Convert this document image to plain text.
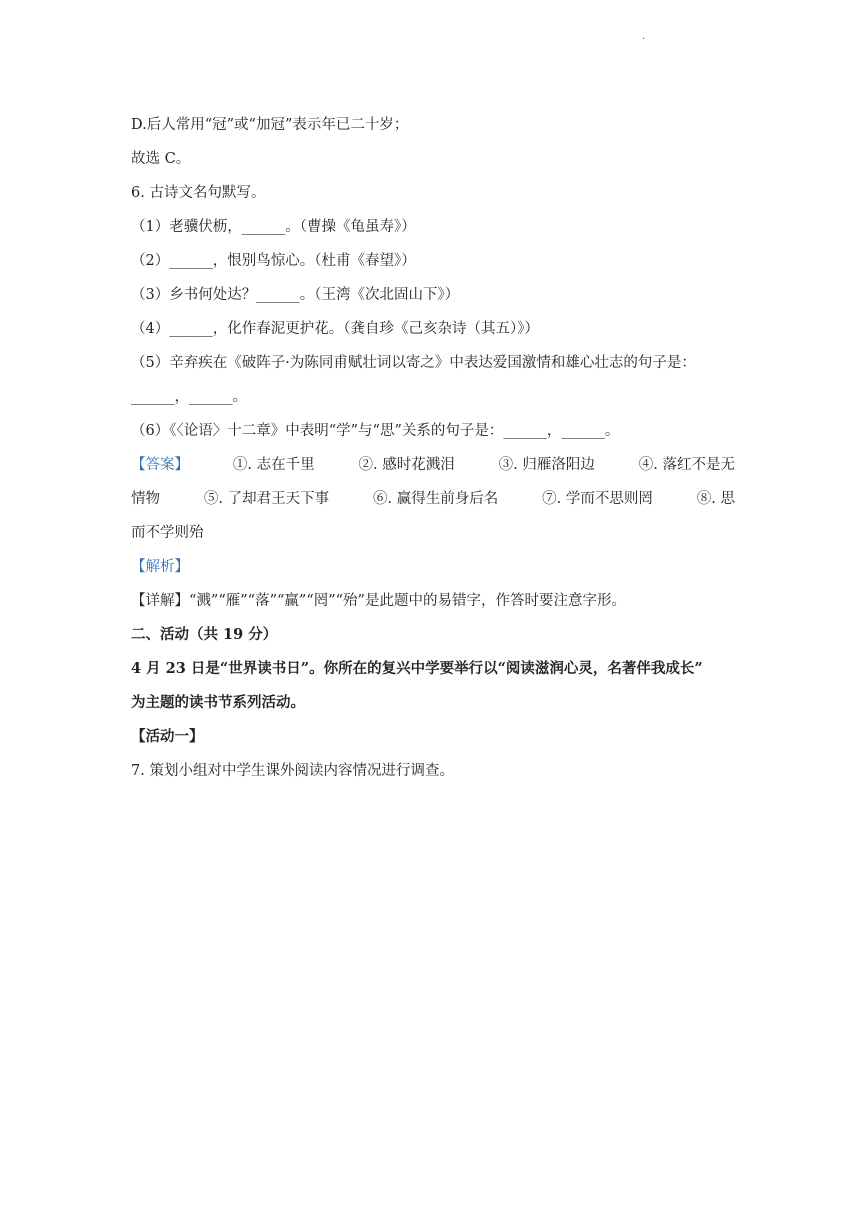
·
D.后人常用“冠”或“加冠”表示年已二十岁；
故选 C。
6. 古诗文名句默写。
（1）老骥伏枥，______。（曹操《龟虽寿》）
（2）______，恨别鸟惊心。（杜甫《春望》）
（3）乡书何处达？______。（王湾《次北固山下》）
（4）______，化作春泥更护花。（龚自珍《己亥杂诗（其五）》）
（5）辛弃疾在《破阵子·为陈同甫赋壮词以寄之》中表达爱国激情和雄心壮志的句子是：
______，______。
（6）《〈论语〉十二章》中表明“学”与“思”关系的句子是：______，______。
【答案】	①. 志在千里	②. 感时花溅泪	③. 归雁洛阳边	④. 落红不是无
情物	⑤. 了却君王天下事	⑥. 赢得生前身后名	⑦. 学而不思则罔	⑧. 思
而不学则殆
【解析】
【详解】“溅”“雁”“落”“赢”“罔”“殆”是此题中的易错字，作答时要注意字形。
二、活动（共 19 分）
4 月 23 日是“世界读书日”。你所在的复兴中学要举行以“阅读滋润心灵，名著伴我成长”
为主题的读书节系列活动。
【活动一】
7. 策划小组对中学生课外阅读内容情况进行调查。
